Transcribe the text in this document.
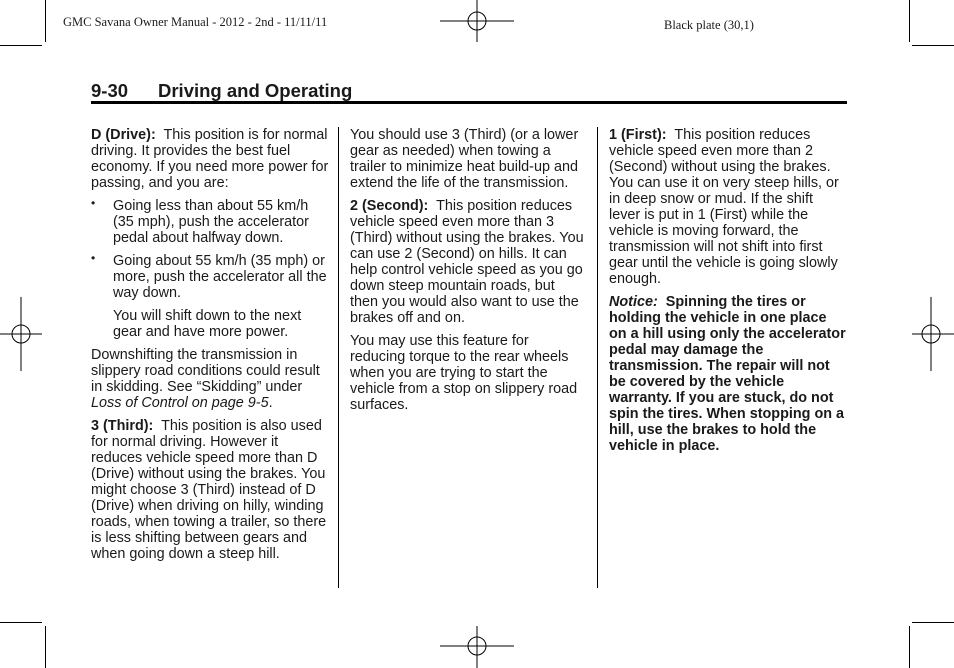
GMC Savana Owner Manual - 2012 - 2nd - 11/11/11	Black plate (30,1)
9-30 Driving and Operating

D (Drive): This position is for normal driving. It provides the best fuel economy. If you need more power for passing, and you are:

• Going less than about 55 km/h (35 mph), push the accelerator pedal about halfway down.
• Going about 55 km/h (35 mph) or more, push the accelerator all the way down.

You will shift down to the next gear and have more power.

Downshifting the transmission in slippery road conditions could result in skidding. See “Skidding” under Loss of Control on page 9-5.

3 (Third): This position is also used for normal driving. However it reduces vehicle speed more than D (Drive) without using the brakes. You might choose 3 (Third) instead of D (Drive) when driving on hilly, winding roads, when towing a trailer, so there is less shifting between gears and when going down a steep hill.

You should use 3 (Third) (or a lower gear as needed) when towing a trailer to minimize heat build-up and extend the life of the transmission.

2 (Second): This position reduces vehicle speed even more than 3 (Third) without using the brakes. You can use 2 (Second) on hills. It can help control vehicle speed as you go down steep mountain roads, but then you would also want to use the brakes off and on.

You may use this feature for reducing torque to the rear wheels when you are trying to start the vehicle from a stop on slippery road surfaces.

1 (First): This position reduces vehicle speed even more than 2 (Second) without using the brakes. You can use it on very steep hills, or in deep snow or mud. If the shift lever is put in 1 (First) while the vehicle is moving forward, the transmission will not shift into first gear until the vehicle is going slowly enough.

Notice: Spinning the tires or holding the vehicle in one place on a hill using only the accelerator pedal may damage the transmission. The repair will not be covered by the vehicle warranty. If you are stuck, do not spin the tires. When stopping on a hill, use the brakes to hold the vehicle in place.
